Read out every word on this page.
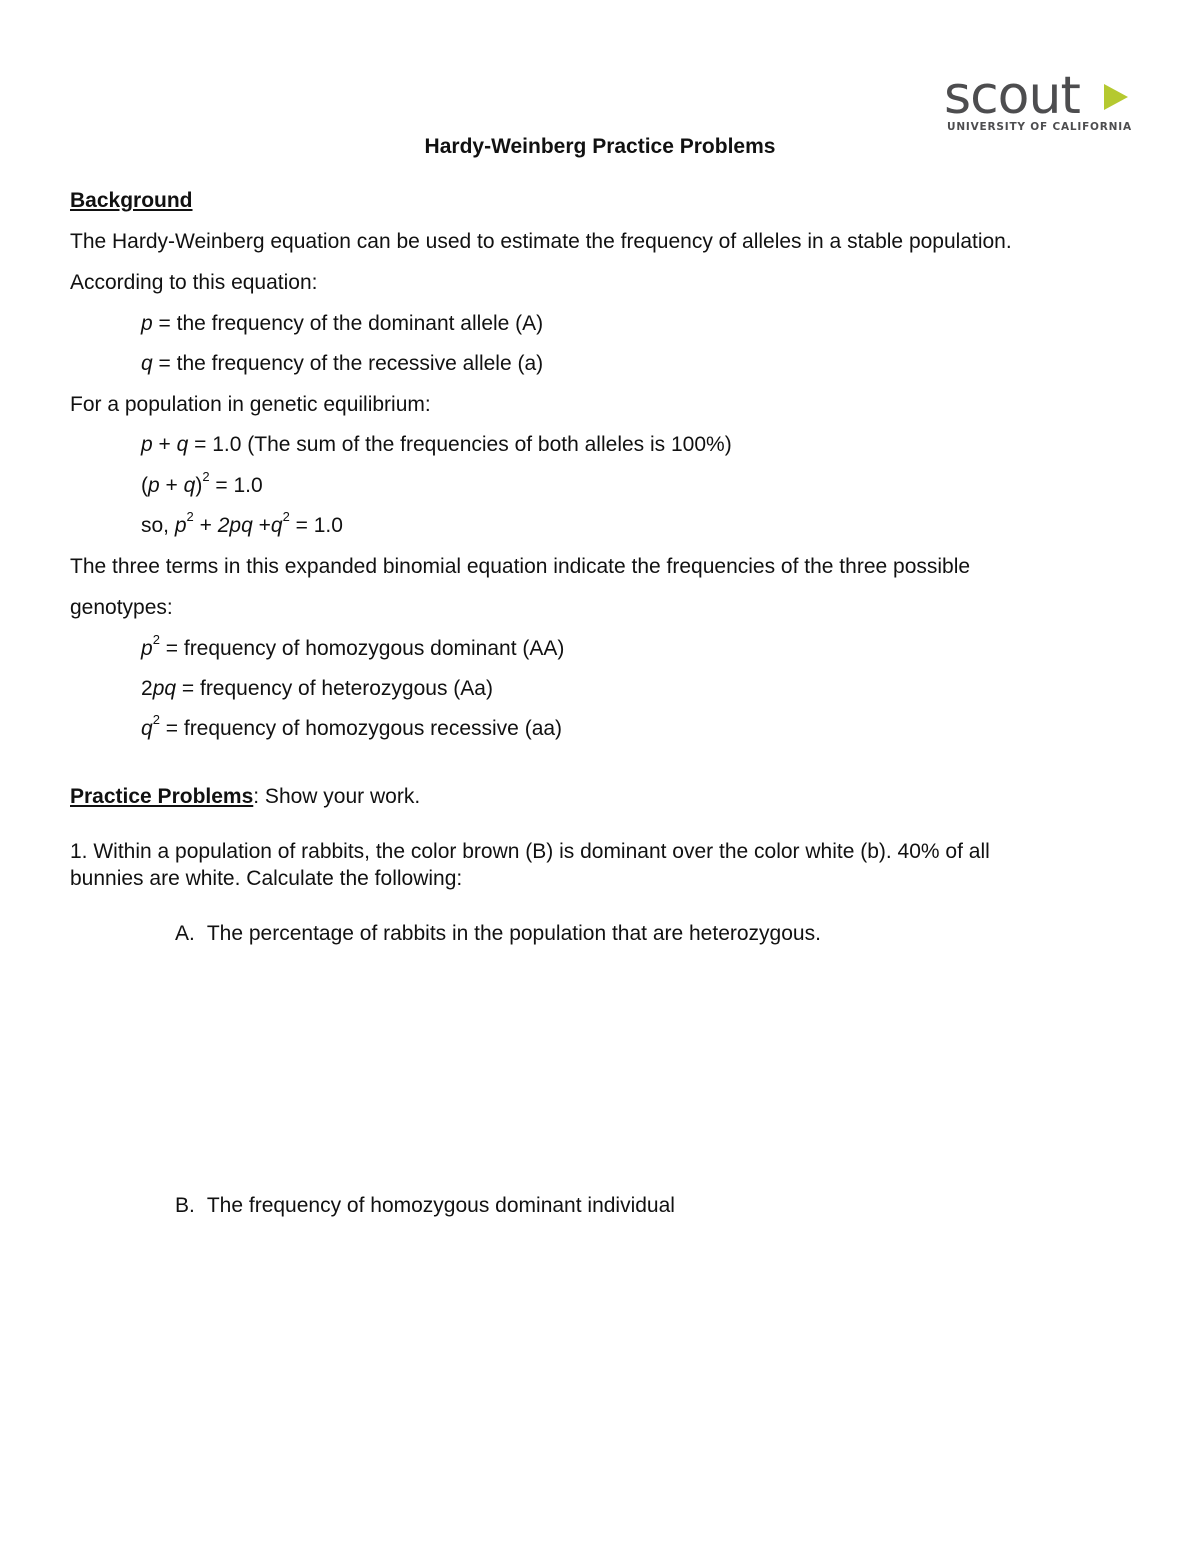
scout
UNIVERSITY OF CALIFORNIA
Hardy-Weinberg Practice Problems
Background
The Hardy-Weinberg equation can be used to estimate the frequency of alleles in a stable population.
According to this equation:
p = the frequency of the dominant allele (A)
q = the frequency of the recessive allele (a)
For a population in genetic equilibrium:
p + q = 1.0 (The sum of the frequencies of both alleles is 100%)
$(p + q)^2 = 1.0$
so, $p^2 + 2pq +q^2 = 1.0$
The three terms in this expanded binomial equation indicate the frequencies of the three possible
genotypes:
$p^2$ = frequency of homozygous dominant (AA)
2pq = frequency of heterozygous (Aa)
$q^2$ = frequency of homozygous recessive (aa)
Practice Problems: Show your work.
1. Within a population of rabbits, the color brown (B) is dominant over the color white (b). 40% of all
bunnies are white. Calculate the following:
A. The percentage of rabbits in the population that are heterozygous.
B. The frequency of homozygous dominant individual
